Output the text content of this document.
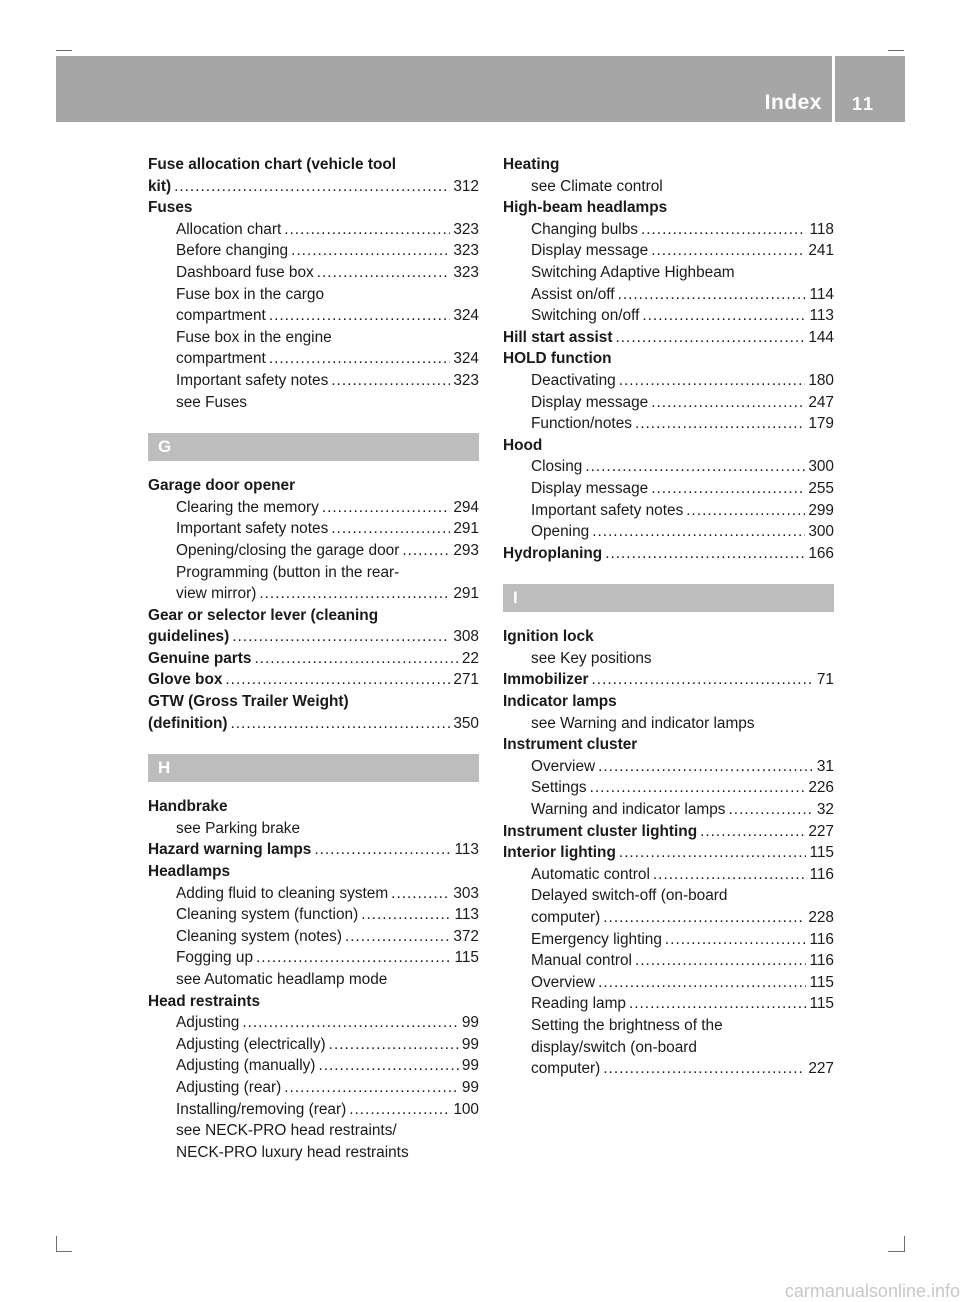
Index 11
Fuse allocation chart (vehicle tool
kit) .....	312
Fuses
Allocation chart .....	323
Before changing .....	323
Dashboard fuse box .....	323
Fuse box in the cargo
compartment .....	324
Fuse box in the engine
compartment .....	324
Important safety notes .....	323
see Fuses
G
Garage door opener
Clearing the memory .....	294
Important safety notes .....	291
Opening/closing the garage door .....	293
Programming (button in the rear-
view mirror) .....	291
Gear or selector lever (cleaning
guidelines) .....	308
Genuine parts .....	22
Glove box .....	271
GTW (Gross Trailer Weight)
(definition) .....	350
H
Handbrake
see Parking brake
Hazard warning lamps .....	113
Headlamps
Adding fluid to cleaning system .....	303
Cleaning system (function) .....	113
Cleaning system (notes) .....	372
Fogging up .....	115
see Automatic headlamp mode
Head restraints
Adjusting .....	99
Adjusting (electrically) .....	99
Adjusting (manually) .....	99
Adjusting (rear) .....	99
Installing/removing (rear) .....	100
see NECK-PRO head restraints/
NECK-PRO luxury head restraints
Heating
see Climate control
High-beam headlamps
Changing bulbs .....	118
Display message .....	241
Switching Adaptive Highbeam
Assist on/off .....	114
Switching on/off .....	113
Hill start assist .....	144
HOLD function
Deactivating .....	180
Display message .....	247
Function/notes .....	179
Hood
Closing .....	300
Display message .....	255
Important safety notes .....	299
Opening .....	300
Hydroplaning .....	166
I
Ignition lock
see Key positions
Immobilizer .....	71
Indicator lamps
see Warning and indicator lamps
Instrument cluster
Overview .....	31
Settings .....	226
Warning and indicator lamps .....	32
Instrument cluster lighting .....	227
Interior lighting .....	115
Automatic control .....	116
Delayed switch-off (on-board
computer) .....	228
Emergency lighting .....	116
Manual control .....	116
Overview .....	115
Reading lamp .....	115
Setting the brightness of the
display/switch (on-board
computer) .....	227
carmanualsonline.info
